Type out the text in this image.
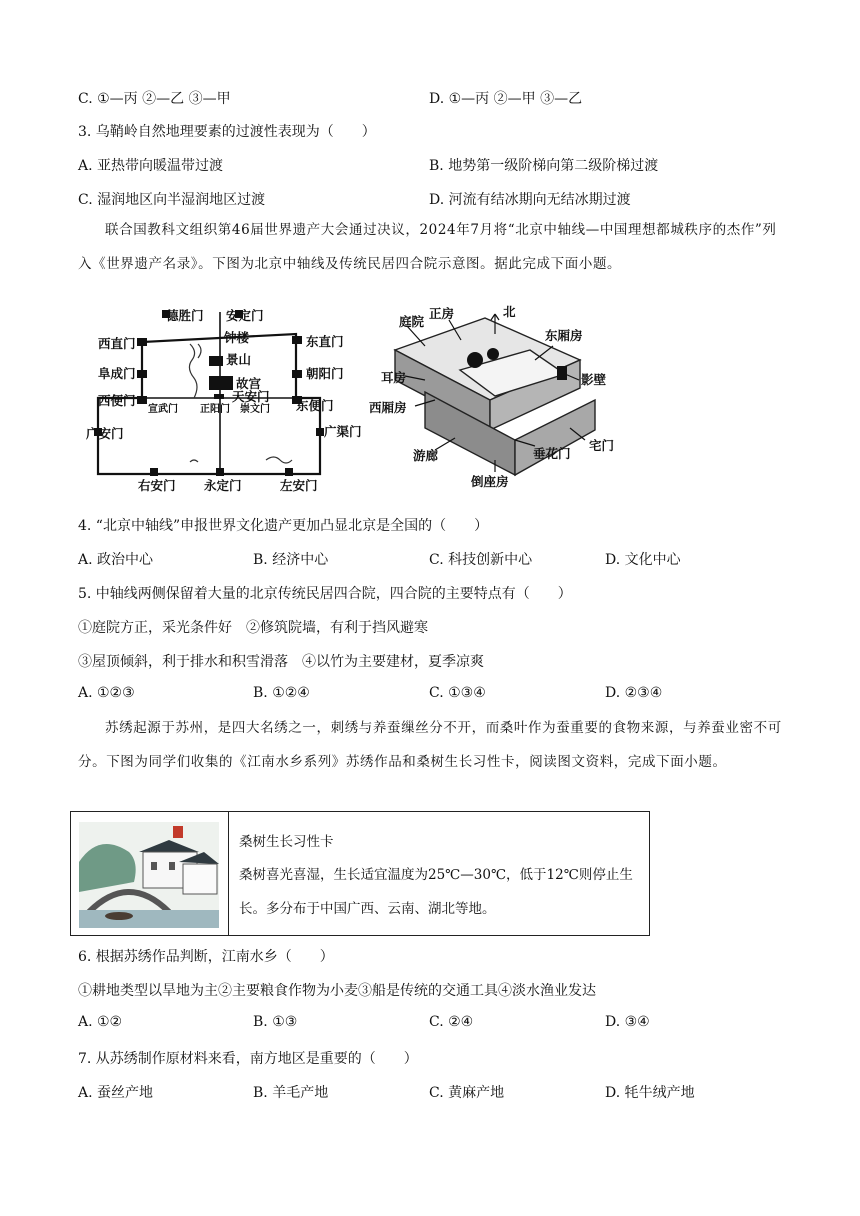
C. ①—丙 ②—乙 ③—甲	D. ①—丙 ②—甲 ③—乙
3. 乌鞘岭自然地理要素的过渡性表现为（　　）
A. 亚热带向暖温带过渡	B. 地势第一级阶梯向第二级阶梯过渡
C. 湿润地区向半湿润地区过渡	D. 河流有结冰期向无结冰期过渡
联合国教科文组织第46届世界遗产大会通过决议，2024年7月将“北京中轴线—中国理想都城秩序的杰作”列入《世界遗产名录》。下图为北京中轴线及传统民居四合院示意图。据此完成下面小题。
德胜门 安定门
西直门	东直门
钟楼
阜成门
景山
朝阳门
故宫
天安门
西便门
宣武门 正阳门 崇文门 东便门
广安门	广渠门
右安门 永定门	左安门
庭院
正房	北
东厢房
耳房	影壁
西厢房
宅门
游廊	垂花门
倒座房
4. “北京中轴线”申报世界文化遗产更加凸显北京是全国的（　　）
A. 政治中心	B. 经济中心	C. 科技创新中心	D. 文化中心
5. 中轴线两侧保留着大量的北京传统民居四合院，四合院的主要特点有（　　）
①庭院方正，采光条件好　②修筑院墙，有利于挡风避寒
③屋顶倾斜，利于排水和积雪滑落　④以竹为主要建材，夏季凉爽
A. ①②③	B. ①②④	C. ①③④	D. ②③④
苏绣起源于苏州，是四大名绣之一，刺绣与养蚕缫丝分不开，而桑叶作为蚕重要的食物来源，与养蚕业密不可分。下图为同学们收集的《江南水乡系列》苏绣作品和桑树生长习性卡，阅读图文资料，完成下面小题。
桑树生长习性卡
桑树喜光喜湿，生长适宜温度为25℃—30℃，低于12℃则停止生长。多分布于中国广西、云南、湖北等地。
6. 根据苏绣作品判断，江南水乡（　　）
①耕地类型以旱地为主②主要粮食作物为小麦③船是传统的交通工具④淡水渔业发达
A. ①②	B. ①③	C. ②④	D. ③④
7. 从苏绣制作原材料来看，南方地区是重要的（　　）
A. 蚕丝产地	B. 羊毛产地	C. 黄麻产地	D. 牦牛绒产地
